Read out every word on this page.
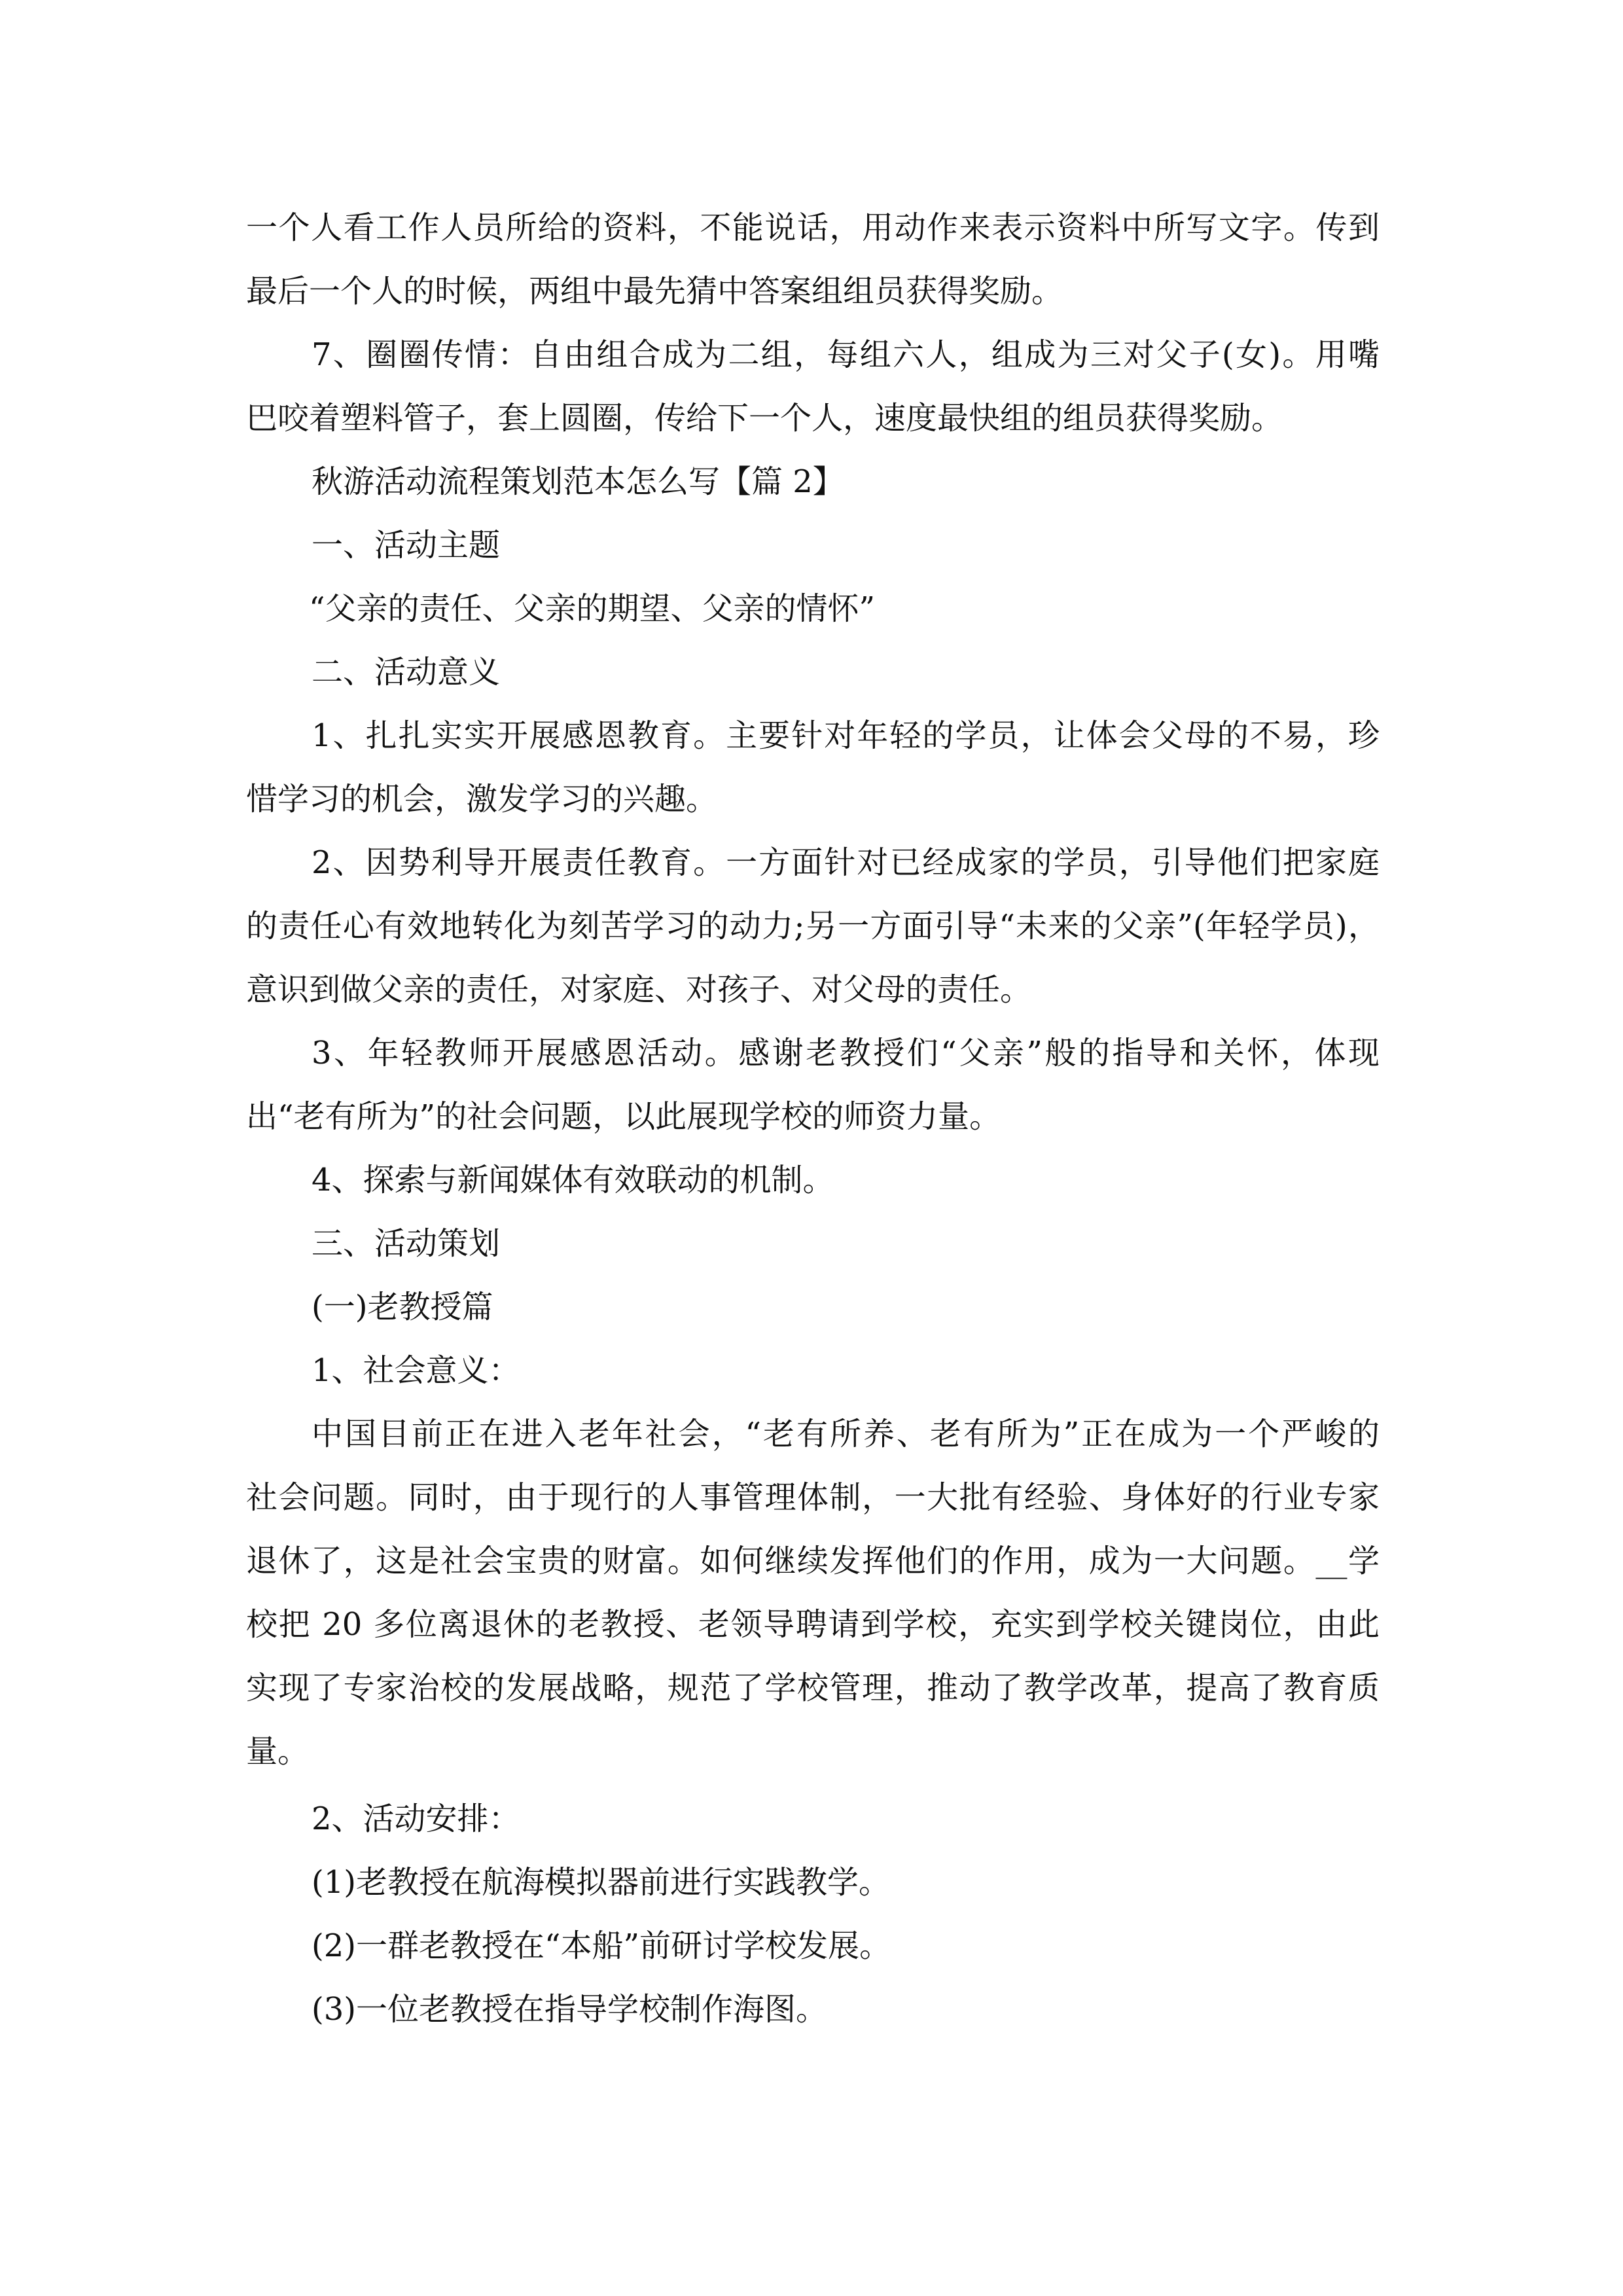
一个人看工作人员所给的资料，不能说话，用动作来表示资料中所写文字。传到
最后一个人的时候，两组中最先猜中答案组组员获得奖励。
7、圈圈传情：自由组合成为二组，每组六人，组成为三对父子(女)。用嘴
巴咬着塑料管子，套上圆圈，传给下一个人，速度最快组的组员获得奖励。
秋游活动流程策划范本怎么写【篇 2】
一、活动主题
“父亲的责任、父亲的期望、父亲的情怀”
二、活动意义
1、扎扎实实开展感恩教育。主要针对年轻的学员，让体会父母的不易，珍
惜学习的机会，激发学习的兴趣。
2、因势利导开展责任教育。一方面针对已经成家的学员，引导他们把家庭
的责任心有效地转化为刻苦学习的动力;另一方面引导“未来的父亲”(年轻学员)，
意识到做父亲的责任，对家庭、对孩子、对父母的责任。
3、年轻教师开展感恩活动。感谢老教授们“父亲”般的指导和关怀，体现
出“老有所为”的社会问题，以此展现学校的师资力量。
4、探索与新闻媒体有效联动的机制。
三、活动策划
(一)老教授篇
1、社会意义：
中国目前正在进入老年社会，“老有所养、老有所为”正在成为一个严峻的
社会问题。同时，由于现行的人事管理体制，一大批有经验、身体好的行业专家
退休了，这是社会宝贵的财富。如何继续发挥他们的作用，成为一大问题。__学
校把 20 多位离退休的老教授、老领导聘请到学校，充实到学校关键岗位，由此
实现了专家治校的发展战略，规范了学校管理，推动了教学改革，提高了教育质
量。
2、活动安排：
(1)老教授在航海模拟器前进行实践教学。
(2)一群老教授在“本船”前研讨学校发展。
(3)一位老教授在指导学校制作海图。
